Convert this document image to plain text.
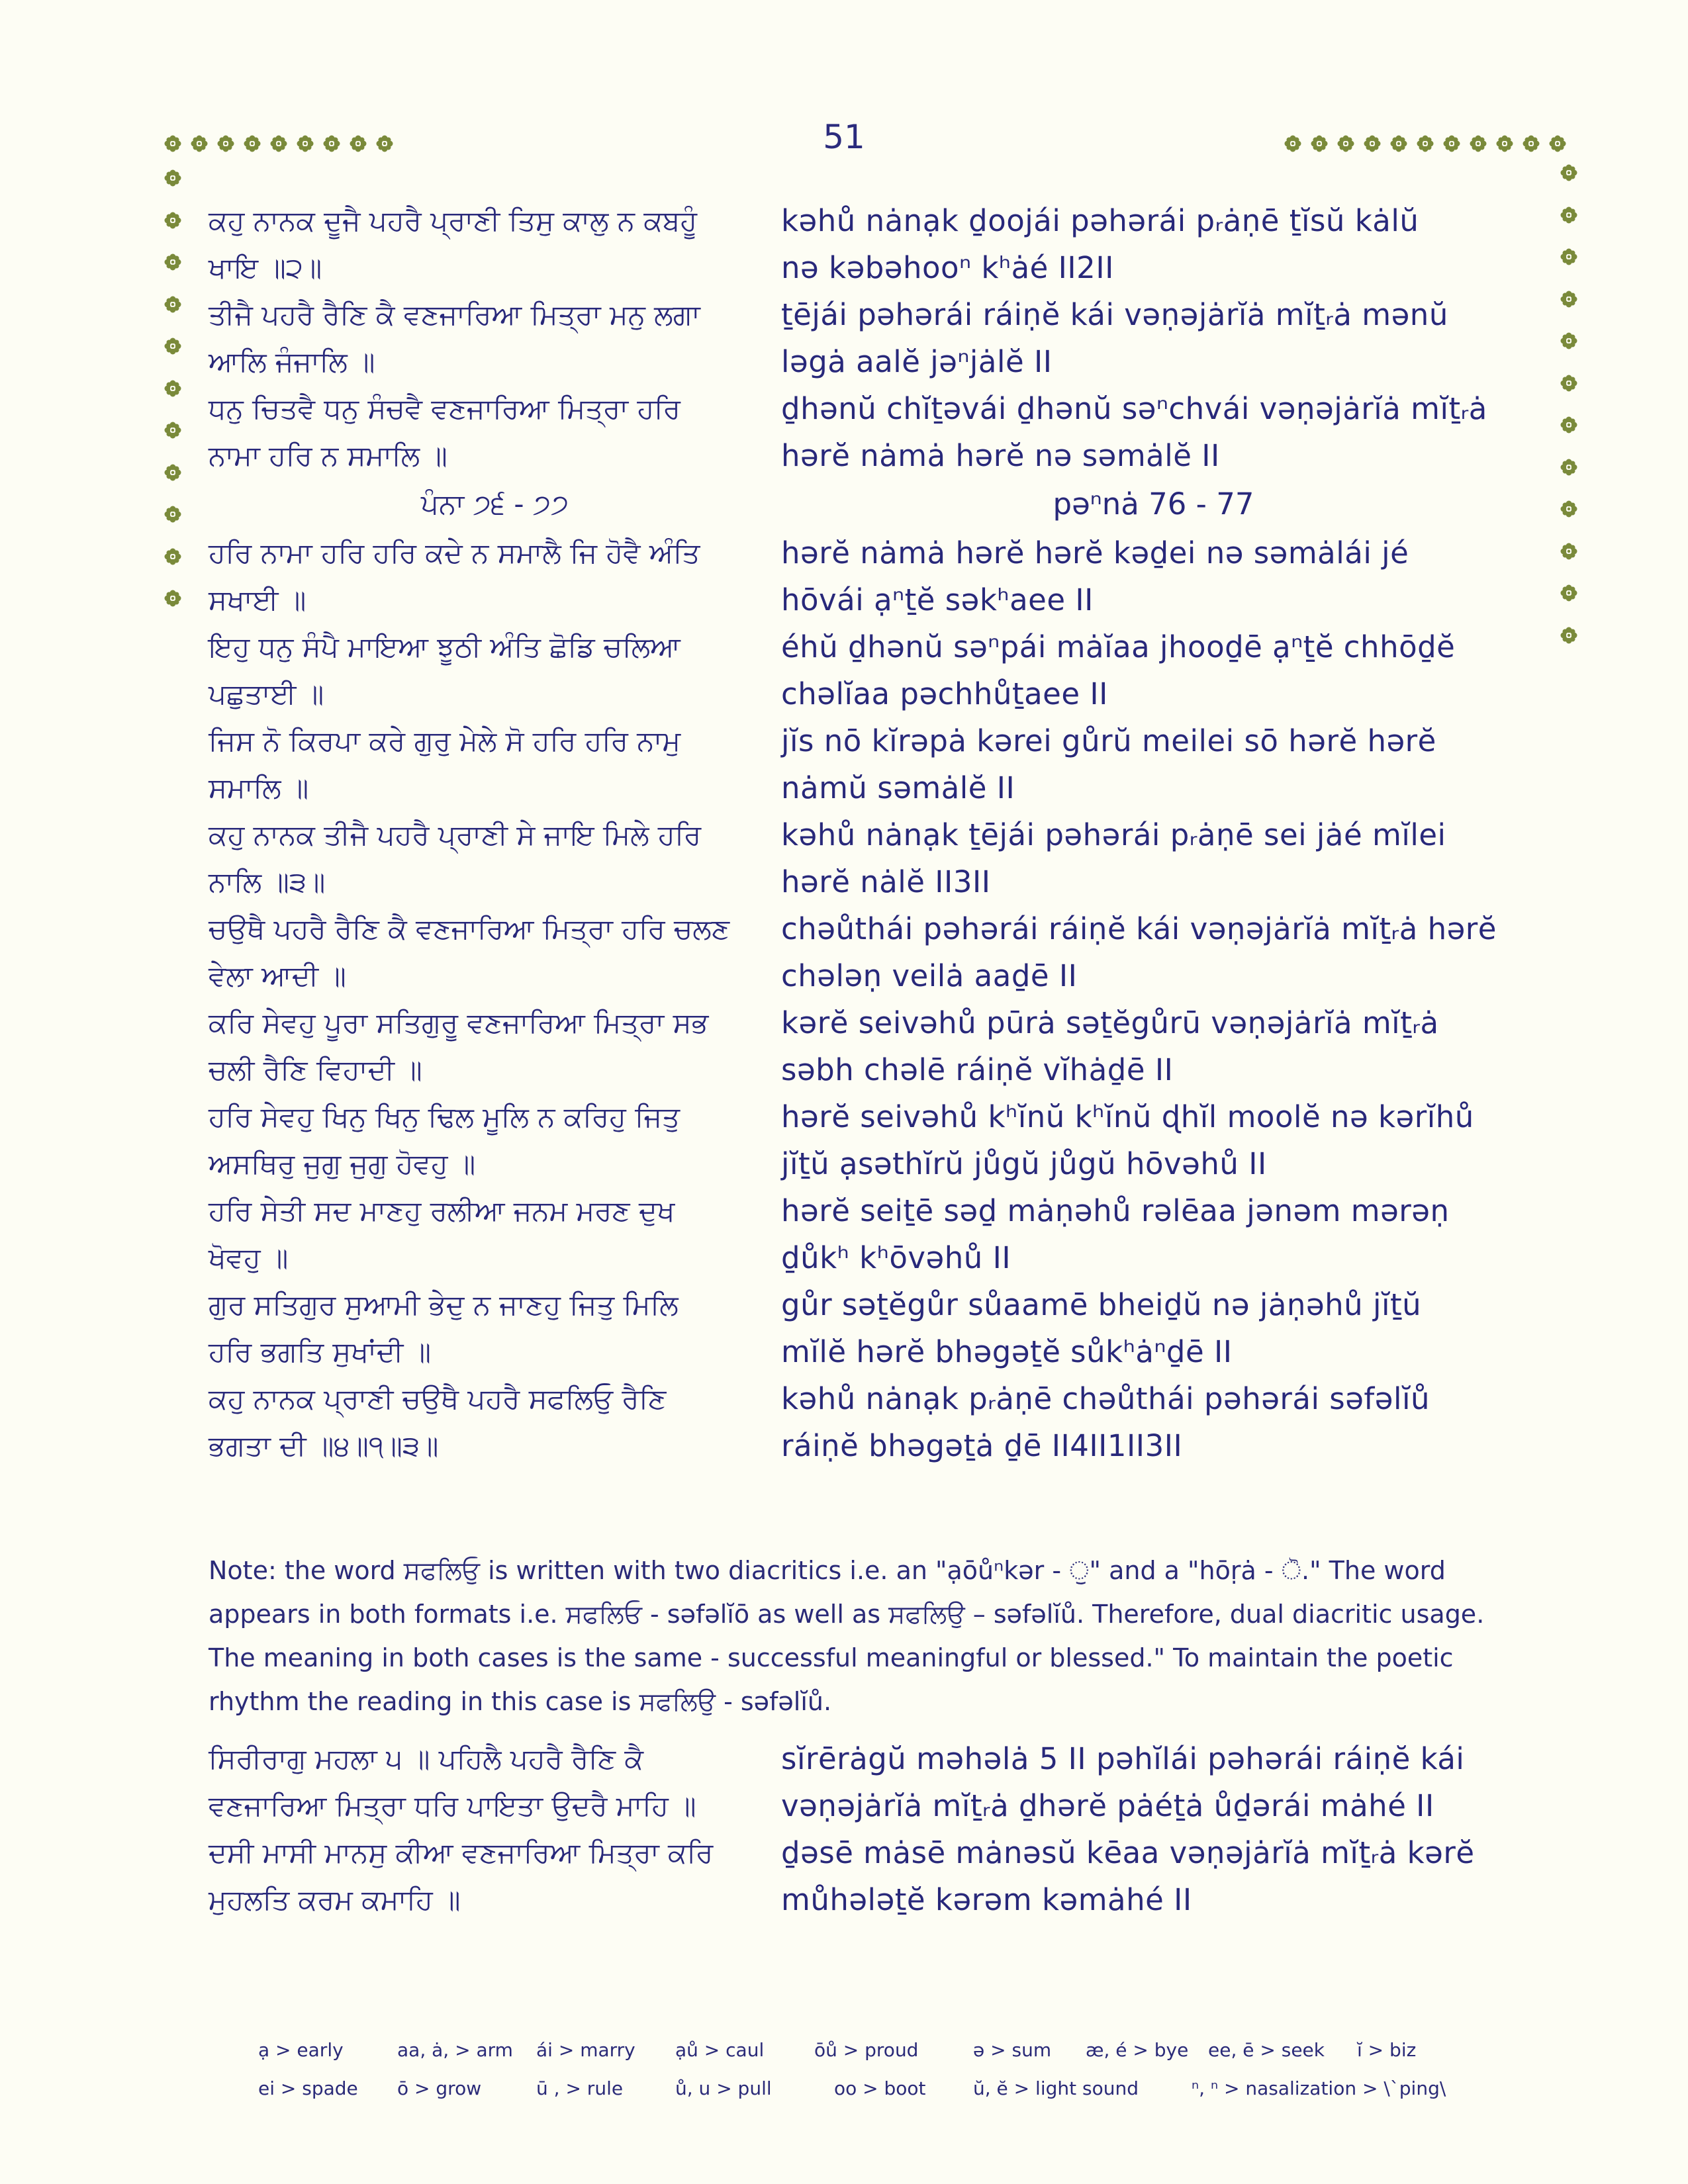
51
ਕਹੁ ਨਾਨਕ ਦੂਜੈ ਪਹਰੈ ਪ੍ਰਾਣੀ ਤਿਸੁ ਕਾਲੁ ਨ ਕਬਹੂੰ
ਖਾਇ ॥੨॥
kəhů nȧnạk ḏoojái pəhərái pᵣȧṇē ṯĭsŭ kȧlŭ
nə kəbəhooⁿ kʰȧé II2II
ਤੀਜੈ ਪਹਰੈ ਰੈਣਿ ਕੈ ਵਣਜਾਰਿਆ ਮਿਤ੍ਰਾ ਮਨੁ ਲਗਾ
ਆਲਿ ਜੰਜਾਲਿ ॥
ṯējái pəhərái ráiṇĕ kái vəṇəjȧrĭȧ mĭṯᵣȧ mənŭ
ləgȧ aalĕ jəⁿjȧlĕ II
ਧਨੁ ਚਿਤਵੈ ਧਨੁ ਸੰਚਵੈ ਵਣਜਾਰਿਆ ਮਿਤ੍ਰਾ ਹਰਿ
ਨਾਮਾ ਹਰਿ ਨ ਸਮਾਲਿ ॥
ḏhənŭ chĭṯəvái ḏhənŭ səⁿchvái vəṇəjȧrĭȧ mĭṯᵣȧ
hərĕ nȧmȧ hərĕ nə səmȧlĕ II
ਪੰਨਾ ੭੬ - ੭੭	pəⁿnȧ 76 - 77
ਹਰਿ ਨਾਮਾ ਹਰਿ ਹਰਿ ਕਦੇ ਨ ਸਮਾਲੈ ਜਿ ਹੋਵੈ ਅੰਤਿ
ਸਖਾਈ ॥
hərĕ nȧmȧ hərĕ hərĕ kəḏei nə səmȧlái jé
hōvái ạⁿṯĕ səkʰaee II
ਇਹੁ ਧਨੁ ਸੰਪੈ ਮਾਇਆ ਝੂਠੀ ਅੰਤਿ ਛੋਡਿ ਚਲਿਆ
ਪਛੁਤਾਈ ॥
éhŭ ḏhənŭ səⁿpái mȧĭaa jhooḏē ạⁿṯĕ chhōḏĕ
chəlĭaa pəchhůṯaee II
ਜਿਸ ਨੋ ਕਿਰਪਾ ਕਰੇ ਗੁਰੁ ਮੇਲੇ ਸੋ ਹਰਿ ਹਰਿ ਨਾਮੁ
ਸਮਾਲਿ ॥
jĭs nō kĭrəpȧ kərei gůrŭ meilei sō hərĕ hərĕ
nȧmŭ səmȧlĕ II
ਕਹੁ ਨਾਨਕ ਤੀਜੈ ਪਹਰੈ ਪ੍ਰਾਣੀ ਸੇ ਜਾਇ ਮਿਲੇ ਹਰਿ
ਨਾਲਿ ॥੩॥
kəhů nȧnạk ṯējái pəhərái pᵣȧṇē sei jȧé mĭlei
hərĕ nȧlĕ II3II
ਚਉਥੈ ਪਹਰੈ ਰੈਣਿ ਕੈ ਵਣਜਾਰਿਆ ਮਿਤ੍ਰਾ ਹਰਿ ਚਲਣ
ਵੇਲਾ ਆਦੀ ॥
chəůthái pəhərái ráiṇĕ kái vəṇəjȧrĭȧ mĭṯᵣȧ hərĕ
chələṇ veilȧ aaḏē II
ਕਰਿ ਸੇਵਹੁ ਪੂਰਾ ਸਤਿਗੁਰੂ ਵਣਜਾਰਿਆ ਮਿਤ੍ਰਾ ਸਭ
ਚਲੀ ਰੈਣਿ ਵਿਹਾਦੀ ॥
kərĕ seivəhů pūrȧ səṯĕgůrū vəṇəjȧrĭȧ mĭṯᵣȧ
səbh chəlē ráiṇĕ vĭhȧḏē II
ਹਰਿ ਸੇਵਹੁ ਖਿਨੁ ਖਿਨੁ ਢਿਲ ਮੂਲਿ ਨ ਕਰਿਹੁ ਜਿਤੁ
ਅਸਥਿਰੁ ਜੁਗੁ ਜੁਗੁ ਹੋਵਹੁ ॥
hərĕ seivəhů kʰĭnŭ kʰĭnŭ ɖhĭl moolĕ nə kərĭhů
jĭṯŭ ạsəthĭrŭ jůgŭ jůgŭ hōvəhů II
ਹਰਿ ਸੇਤੀ ਸਦ ਮਾਣਹੁ ਰਲੀਆ ਜਨਮ ਮਰਣ ਦੁਖ
ਖੋਵਹੁ ॥
hərĕ seiṯē səḏ mȧṇəhů rəlēaa jənəm mərəṇ
ḏůkʰ kʰōvəhů II
ਗੁਰ ਸਤਿਗੁਰ ਸੁਆਮੀ ਭੇਦੁ ਨ ਜਾਣਹੁ ਜਿਤੁ ਮਿਲਿ
ਹਰਿ ਭਗਤਿ ਸੁਖਾਂਦੀ ॥
gůr səṯĕgůr sůaamē bheiḏŭ nə jȧṇəhů jĭṯŭ
mĭlĕ hərĕ bhəgəṯĕ sůkʰȧⁿḏē II
ਕਹੁ ਨਾਨਕ ਪ੍ਰਾਣੀ ਚਉਥੈ ਪਹਰੈ ਸਫਲਿਓੁ ਰੈਣਿ
ਭਗਤਾ ਦੀ ॥੪॥੧॥੩॥
kəhů nȧnạk pᵣȧṇē chəůthái pəhərái səfəlĭů
ráiṇĕ bhəgəṯȧ ḏē II4II1II3II
Note: the word ਸਫਲਿਓੁ is written with two diacritics i.e. an "ạōůⁿkər - ੁ" and a "hōṛȧ - ੋ." The word appears in both formats i.e. ਸਫਲਿਓ - səfəlĭō as well as ਸਫਲਿਉ – səfəlĭů. Therefore, dual diacritic usage. The meaning in both cases is the same - successful meaningful or blessed." To maintain the poetic rhythm the reading in this case is ਸਫਲਿਉ - səfəlĭů.
ਸਿਰੀਰਾਗੁ ਮਹਲਾ ੫ ॥ ਪਹਿਲੈ ਪਹਰੈ ਰੈਣਿ ਕੈ
ਵਣਜਾਰਿਆ ਮਿਤ੍ਰਾ ਧਰਿ ਪਾਇਤਾ ਉਦਰੈ ਮਾਹਿ ॥
sĭrērȧgŭ məhəlȧ 5 II pəhĭlái pəhərái ráiṇĕ kái
vəṇəjȧrĭȧ mĭṯᵣȧ ḏhərĕ pȧéṯȧ ůḏərái mȧhé II
ਦਸੀ ਮਾਸੀ ਮਾਨਸੁ ਕੀਆ ਵਣਜਾਰਿਆ ਮਿਤ੍ਰਾ ਕਰਿ
ਮੁਹਲਤਿ ਕਰਮ ਕਮਾਹਿ ॥
ḏəsē mȧsē mȧnəsŭ kēaa vəṇəjȧrĭȧ mĭṯᵣȧ kərĕ
můhələṯĕ kərəm kəmȧhé II
ạ > early	aa, ȧ, > arm	ái > marry	ạů > caul	ōů > proud	ə > sum	æ, é > bye	ee, ē > seek	ĭ > biz
ei > spade	ō > grow	ū , > rule	ů, u > pull	oo > boot	ŭ, ĕ > light sound	ⁿ, ⁿ > nasalization > \`ping\
